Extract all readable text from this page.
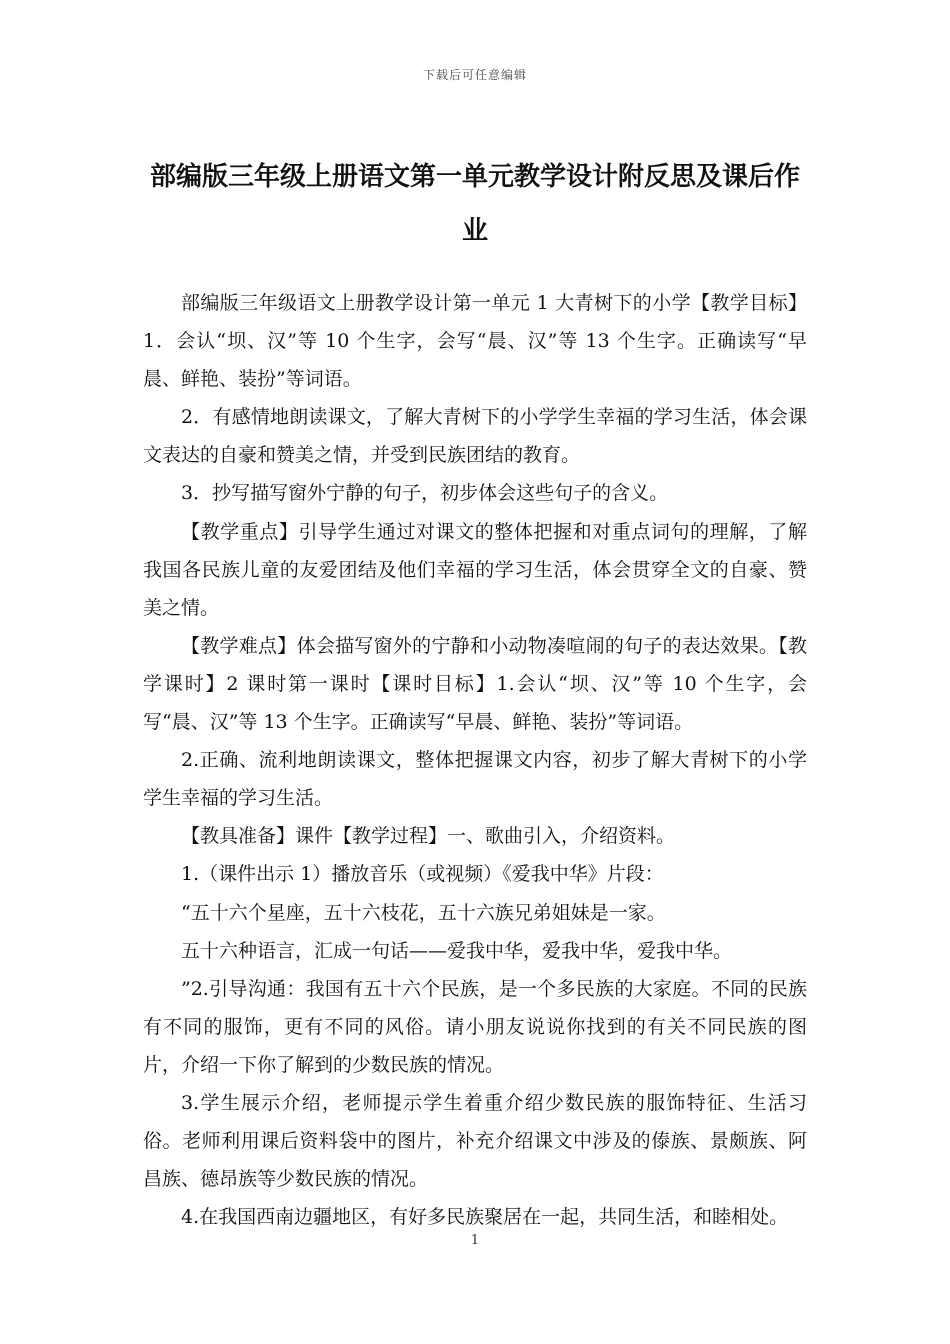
下载后可任意编辑
部编版三年级上册语文第一单元教学设计附反思及课后作业

部编版三年级语文上册教学设计第一单元 1 大青树下的小学【教学目标】1．会认“坝、汉”等 10 个生字，会写“晨、汉”等 13 个生字。正确读写“早晨、鲜艳、装扮”等词语。

2．有感情地朗读课文，了解大青树下的小学学生幸福的学习生活，体会课文表达的自豪和赞美之情，并受到民族团结的教育。

3．抄写描写窗外宁静的句子，初步体会这些句子的含义。

【教学重点】引导学生通过对课文的整体把握和对重点词句的理解，了解我国各民族儿童的友爱团结及他们幸福的学习生活，体会贯穿全文的自豪、赞美之情。

【教学难点】体会描写窗外的宁静和小动物凑喧闹的句子的表达效果。【教学课时】2 课时第一课时【课时目标】1.会认“坝、汉”等 10 个生字，会写“晨、汉”等 13 个生字。正确读写“早晨、鲜艳、装扮”等词语。

2.正确、流利地朗读课文，整体把握课文内容，初步了解大青树下的小学学生幸福的学习生活。

【教具准备】课件【教学过程】一、歌曲引入，介绍资料。

1.（课件出示 1）播放音乐（或视频）《爱我中华》片段：

“五十六个星座，五十六枝花，五十六族兄弟姐妹是一家。

五十六种语言，汇成一句话——爱我中华，爱我中华，爱我中华。

”2.引导沟通：我国有五十六个民族，是一个多民族的大家庭。不同的民族有不同的服饰，更有不同的风俗。请小朋友说说你找到的有关不同民族的图片，介绍一下你了解到的少数民族的情况。

3.学生展示介绍，老师提示学生着重介绍少数民族的服饰特征、生活习俗。老师利用课后资料袋中的图片，补充介绍课文中涉及的傣族、景颇族、阿昌族、德昂族等少数民族的情况。

4.在我国西南边疆地区，有好多民族聚居在一起，共同生活，和睦相处。

1
